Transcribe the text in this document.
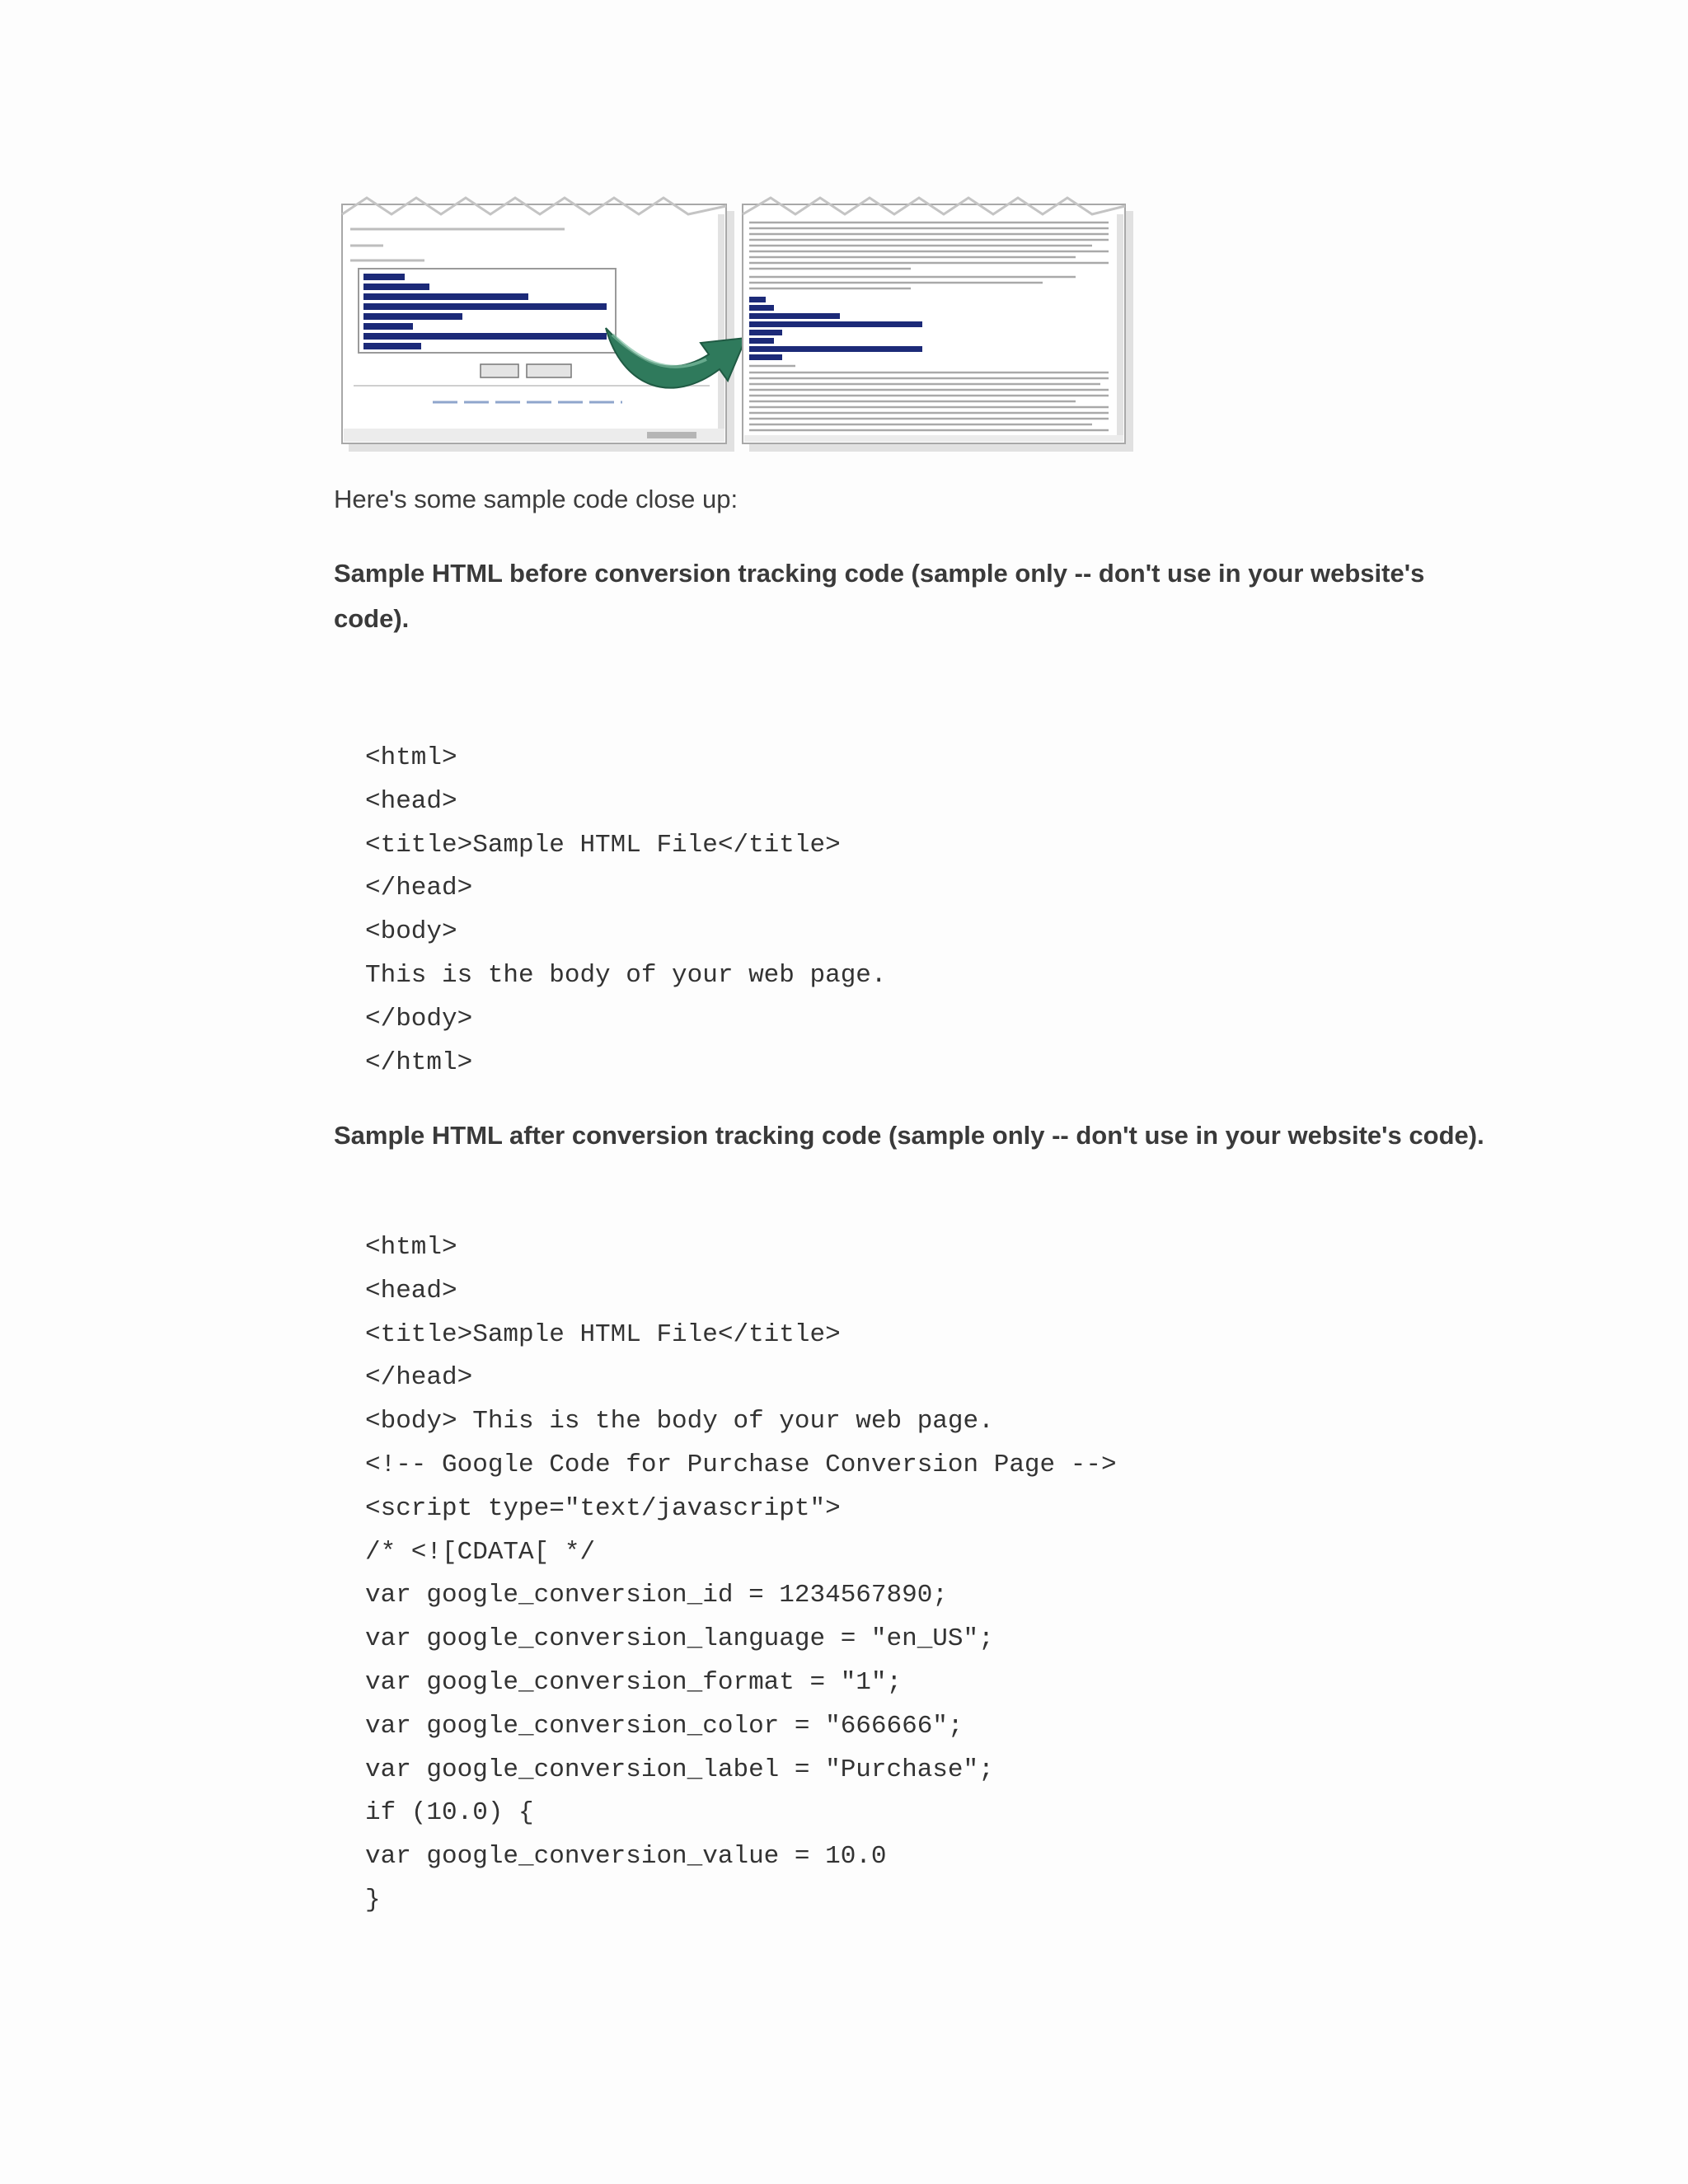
Here's some sample code close up:

Sample HTML before conversion tracking code (sample only -- don't use in your website's code).

<html>
<head>
<title>Sample HTML File</title>
</head>
<body>
This is the body of your web page.
</body>
</html>

Sample HTML after conversion tracking code (sample only -- don't use in your website's code).

<html>
<head>
<title>Sample HTML File</title>
</head>
<body> This is the body of your web page.
<!-- Google Code for Purchase Conversion Page -->
<script type="text/javascript">
/* <![CDATA[ */
var google_conversion_id = 1234567890;
var google_conversion_language = "en_US";
var google_conversion_format = "1";
var google_conversion_color = "666666";
var google_conversion_label = "Purchase";
if (10.0) {
var google_conversion_value = 10.0
}
